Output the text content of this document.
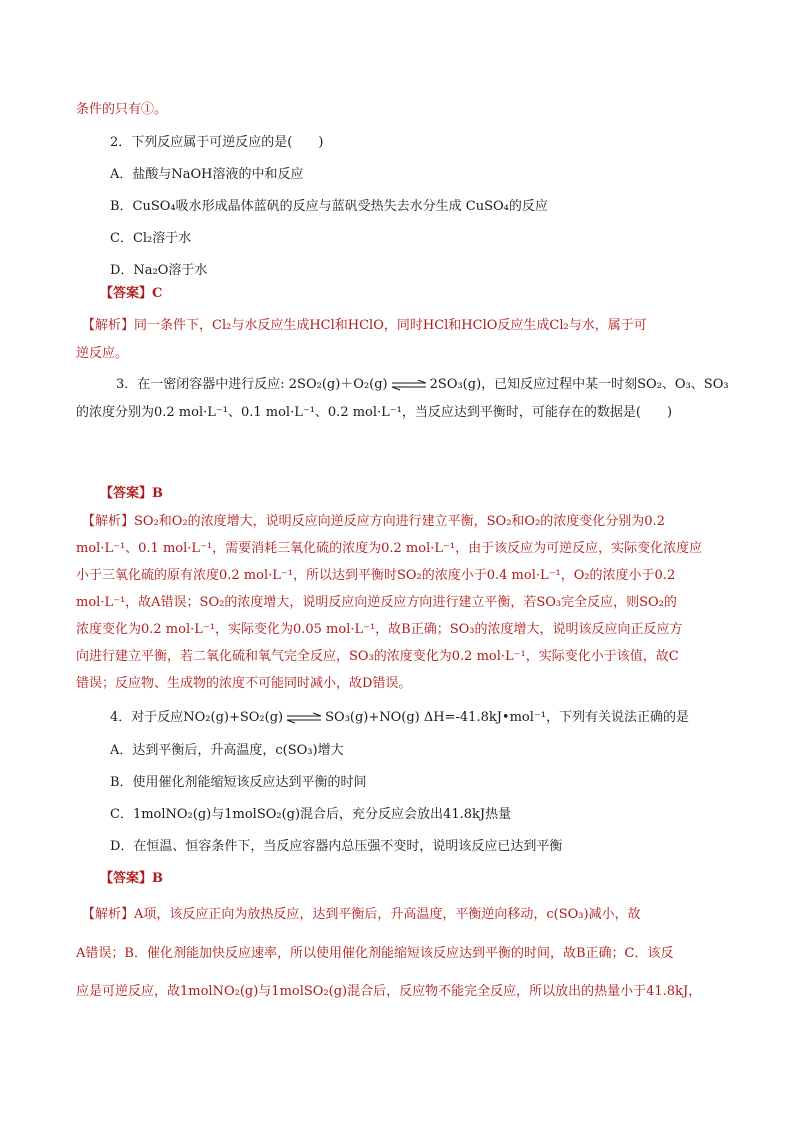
条件的只有①。
2．下列反应属于可逆反应的是(　　)
A．盐酸与NaOH溶液的中和反应
B．CuSO₄吸水形成晶体蓝矾的反应与蓝矾受热失去水分生成 CuSO₄的反应
C．Cl₂溶于水
D．Na₂O溶于水
【答案】C
【解析】同一条件下，Cl₂与水反应生成HCl和HClO，同时HCl和HClO反应生成Cl₂与水，属于可
逆反应。
3．在一密闭容器中进行反应: 2SO₂(g)＋O₂(g) ⇌ 2SO₃(g)，已知反应过程中某一时刻SO₂、O₃、SO₃
的浓度分别为0.2 mol·L⁻¹、0.1 mol·L⁻¹、0.2 mol·L⁻¹，当反应达到平衡时，可能存在的数据是(　　)
【答案】B
【解析】SO₂和O₂的浓度增大，说明反应向逆反应方向进行建立平衡，SO₂和O₂的浓度变化分别为0.2
mol·L⁻¹、0.1 mol·L⁻¹，需要消耗三氧化硫的浓度为0.2 mol·L⁻¹，由于该反应为可逆反应，实际变化浓度应
小于三氧化硫的原有浓度0.2 mol·L⁻¹，所以达到平衡时SO₂的浓度小于0.4 mol·L⁻¹，O₂的浓度小于0.2
mol·L⁻¹，故A错误；SO₂的浓度增大，说明反应向逆反应方向进行建立平衡，若SO₃完全反应，则SO₂的
浓度变化为0.2 mol·L⁻¹，实际变化为0.05 mol·L⁻¹，故B正确；SO₃的浓度增大，说明该反应向正反应方
向进行建立平衡，若二氧化硫和氧气完全反应，SO₃的浓度变化为0.2 mol·L⁻¹，实际变化小于该值，故C
错误；反应物、生成物的浓度不可能同时减小，故D错误。
4．对于反应NO₂(g)+SO₂(g) ⇌ SO₃(g)+NO(g) ΔH=-41.8kJ•mol⁻¹，下列有关说法正确的是
A．达到平衡后，升高温度，c(SO₃)增大
B．使用催化剂能缩短该反应达到平衡的时间
C．1molNO₂(g)与1molSO₂(g)混合后，充分反应会放出41.8kJ热量
D．在恒温、恒容条件下，当反应容器内总压强不变时，说明该反应已达到平衡
【答案】B
【解析】A项，该反应正向为放热反应，达到平衡后，升高温度，平衡逆向移动，c(SO₃)减小，故
A错误；B．催化剂能加快反应速率，所以使用催化剂能缩短该反应达到平衡的时间，故B正确；C．该反
应是可逆反应，故1molNO₂(g)与1molSO₂(g)混合后，反应物不能完全反应，所以放出的热量小于41.8kJ，
